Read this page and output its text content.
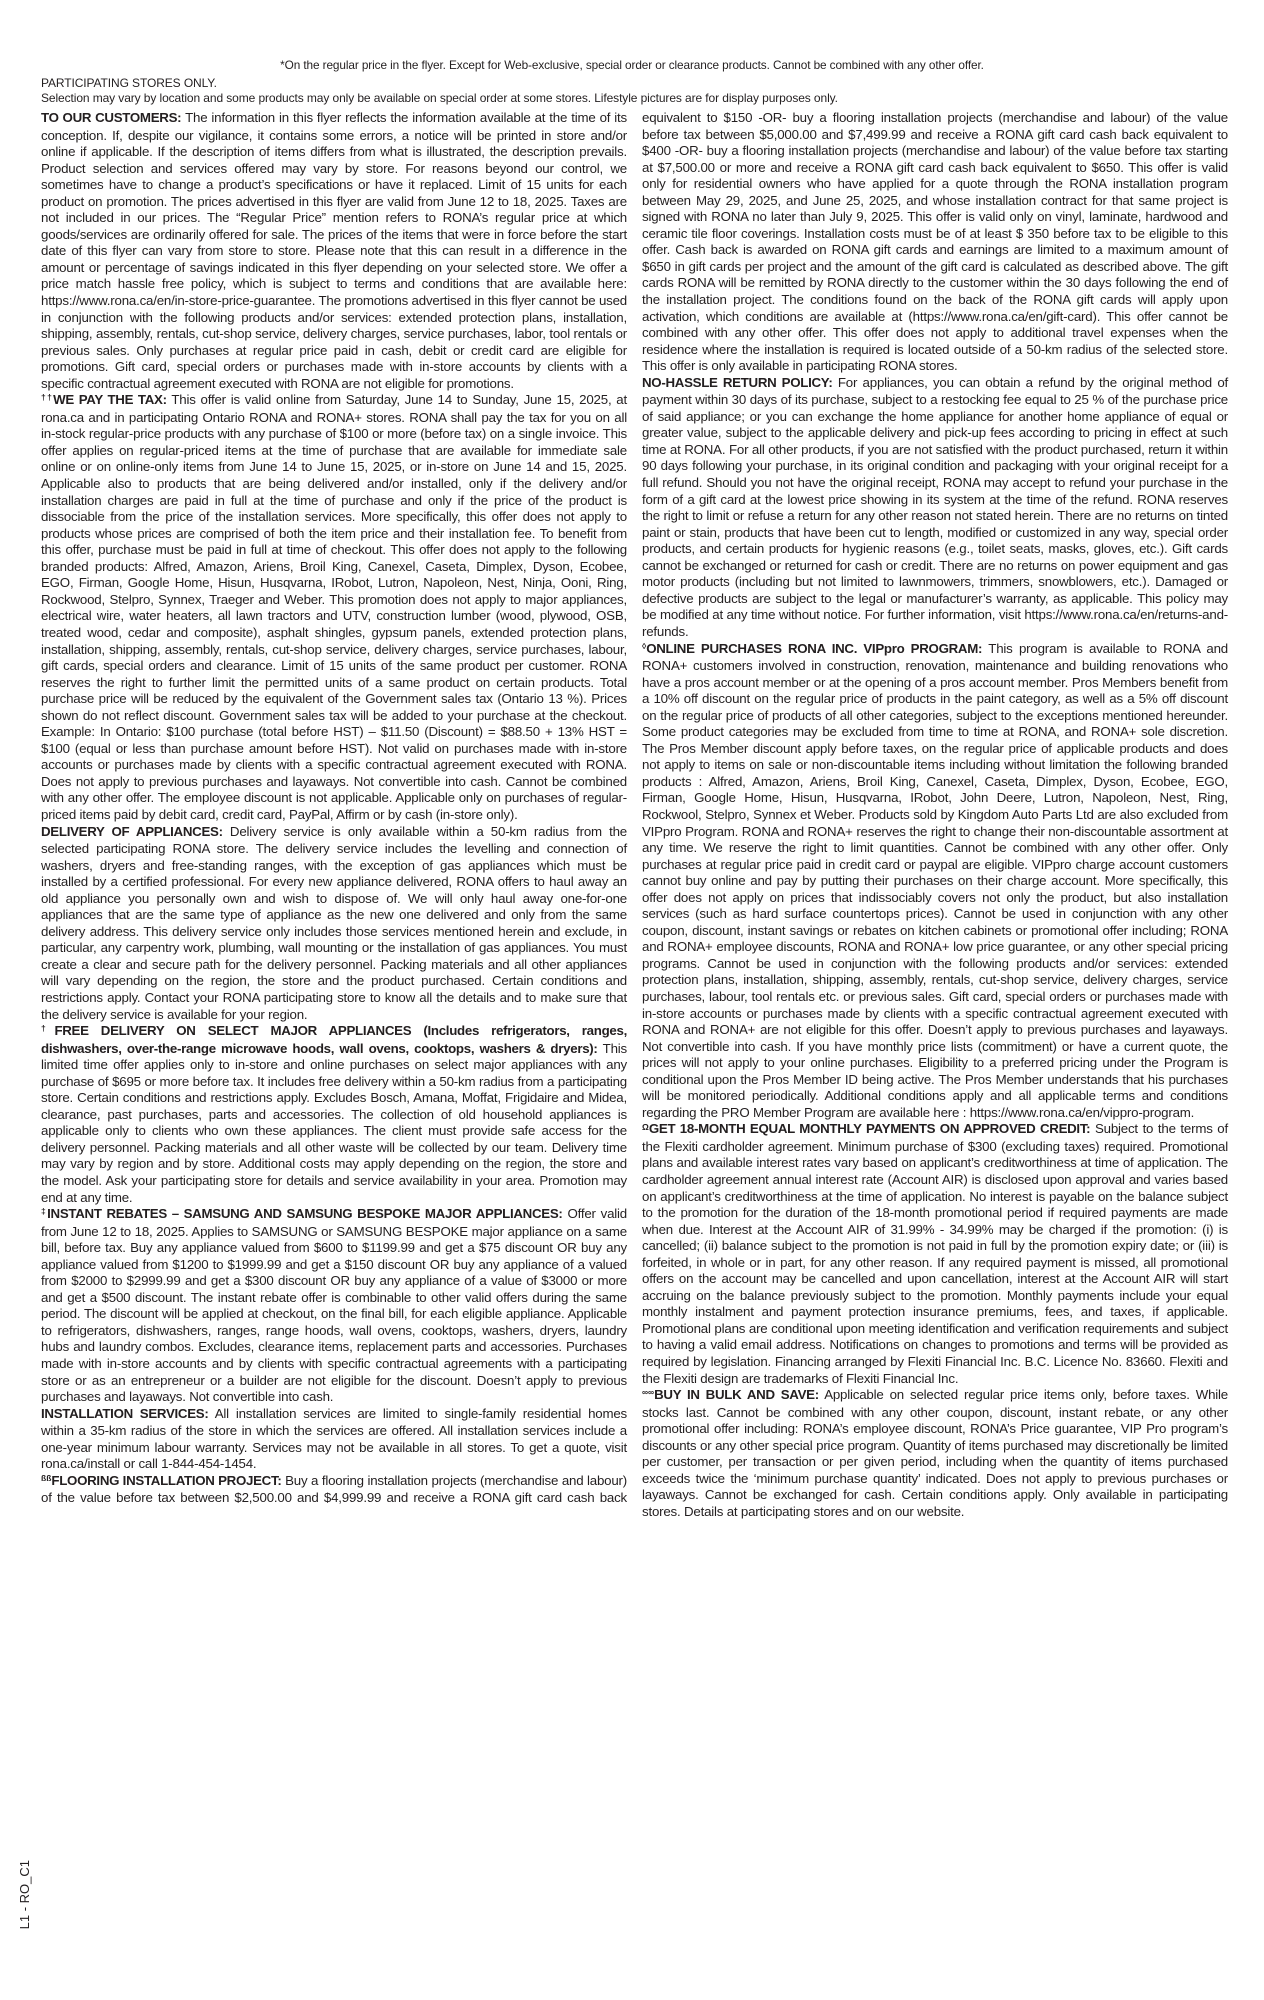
*On the regular price in the flyer. Except for Web-exclusive, special order or clearance products. Cannot be combined with any other offer.
PARTICIPATING STORES ONLY.
Selection may vary by location and some products may only be available on special order at some stores. Lifestyle pictures are for display purposes only.

TO OUR CUSTOMERS: The information in this flyer reflects the information available at the time of its conception. If, despite our vigilance, it contains some errors, a notice will be printed in store and/or online if applicable. If the description of items differs from what is illustrated, the description prevails. Product selection and services offered may vary by store. For reasons beyond our control, we sometimes have to change a product’s specifications or have it replaced. Limit of 15 units for each product on promotion. The prices advertised in this flyer are valid from June 12 to 18, 2025. Taxes are not included in our prices. The “Regular Price” mention refers to RONA’s regular price at which goods/services are ordinarily offered for sale. The prices of the items that were in force before the start date of this flyer can vary from store to store. Please note that this can result in a difference in the amount or percentage of savings indicated in this flyer depending on your selected store. We offer a price match hassle free policy, which is subject to terms and conditions that are available here: https://www.rona.ca/en/in-store-price-guarantee. The promotions advertised in this flyer cannot be used in conjunction with the following products and/or services: extended protection plans, installation, shipping, assembly, rentals, cut-shop service, delivery charges, service purchases, labor, tool rentals or previous sales. Only purchases at regular price paid in cash, debit or credit card are eligible for promotions. Gift card, special orders or purchases made with in-store accounts by clients with a specific contractual agreement executed with RONA are not eligible for promotions.

††WE PAY THE TAX: This offer is valid online from Saturday, June 14 to Sunday, June 15, 2025, at rona.ca and in participating Ontario RONA and RONA+ stores. RONA shall pay the tax for you on all in-stock regular-price products with any purchase of $100 or more (before tax) on a single invoice. This offer applies on regular-priced items at the time of purchase that are available for immediate sale online or on online-only items from June 14 to June 15, 2025, or in-store on June 14 and 15, 2025. Applicable also to products that are being delivered and/or installed, only if the delivery and/or installation charges are paid in full at the time of purchase and only if the price of the product is dissociable from the price of the installation services. More specifically, this offer does not apply to products whose prices are comprised of both the item price and their installation fee. To benefit from this offer, purchase must be paid in full at time of checkout. This offer does not apply to the following branded products: Alfred, Amazon, Ariens, Broil King, Canexel, Caseta, Dimplex, Dyson, Ecobee, EGO, Firman, Google Home, Hisun, Husqvarna, IRobot, Lutron, Napoleon, Nest, Ninja, Ooni, Ring, Rockwood, Stelpro, Synnex, Traeger and Weber. This promotion does not apply to major appliances, electrical wire, water heaters, all lawn tractors and UTV, construction lumber (wood, plywood, OSB, treated wood, cedar and composite), asphalt shingles, gypsum panels, extended protection plans, installation, shipping, assembly, rentals, cut-shop service, delivery charges, service purchases, labour, gift cards, special orders and clearance. Limit of 15 units of the same product per customer. RONA reserves the right to further limit the permitted units of a same product on certain products. Total purchase price will be reduced by the equivalent of the Government sales tax (Ontario 13 %). Prices shown do not reflect discount. Government sales tax will be added to your purchase at the checkout. Example: In Ontario: $100 purchase (total before HST) – $11.50 (Discount) = $88.50 + 13% HST = $100 (equal or less than purchase amount before HST). Not valid on purchases made with in-store accounts or purchases made by clients with a specific contractual agreement executed with RONA. Does not apply to previous purchases and layaways. Not convertible into cash. Cannot be combined with any other offer. The employee discount is not applicable. Applicable only on purchases of regular-priced items paid by debit card, credit card, PayPal, Affirm or by cash (in-store only).

DELIVERY OF APPLIANCES: Delivery service is only available within a 50-km radius from the selected participating RONA store. The delivery service includes the levelling and connection of washers, dryers and free-standing ranges, with the exception of gas appliances which must be installed by a certified professional. For every new appliance delivered, RONA offers to haul away an old appliance you personally own and wish to dispose of. We will only haul away one-for-one appliances that are the same type of appliance as the new one delivered and only from the same delivery address. This delivery service only includes those services mentioned herein and exclude, in particular, any carpentry work, plumbing, wall mounting or the installation of gas appliances. You must create a clear and secure path for the delivery personnel. Packing materials and all other appliances will vary depending on the region, the store and the product purchased. Certain conditions and restrictions apply. Contact your RONA participating store to know all the details and to make sure that the delivery service is available for your region.

†FREE DELIVERY ON SELECT MAJOR APPLIANCES (Includes refrigerators, ranges, dishwashers, over-the-range microwave hoods, wall ovens, cooktops, washers & dryers): This limited time offer applies only to in-store and online purchases on select major appliances with any purchase of $695 or more before tax. It includes free delivery within a 50-km radius from a participating store. Certain conditions and restrictions apply. Excludes Bosch, Amana, Moffat, Frigidaire and Midea, clearance, past purchases, parts and accessories. The collection of old household appliances is applicable only to clients who own these appliances. The client must provide safe access for the delivery personnel. Packing materials and all other waste will be collected by our team. Delivery time may vary by region and by store. Additional costs may apply depending on the region, the store and the model. Ask your participating store for details and service availability in your area. Promotion may end at any time.

‡INSTANT REBATES – SAMSUNG AND SAMSUNG BESPOKE MAJOR APPLIANCES: Offer valid from June 12 to 18, 2025. Applies to SAMSUNG or SAMSUNG BESPOKE major appliance on a same bill, before tax. Buy any appliance valued from $600 to $1199.99 and get a $75 discount OR buy any appliance valued from $1200 to $1999.99 and get a $150 discount OR buy any appliance of a valued from $2000 to $2999.99 and get a $300 discount OR buy any appliance of a value of $3000 or more and get a $500 discount. The instant rebate offer is combinable to other valid offers during the same period. The discount will be applied at checkout, on the final bill, for each eligible appliance. Applicable to refrigerators, dishwashers, ranges, range hoods, wall ovens, cooktops, washers, dryers, laundry hubs and laundry combos. Excludes, clearance items, replacement parts and accessories. Purchases made with in-store accounts and by clients with specific contractual agreements with a participating store or as an entrepreneur or a builder are not eligible for the discount. Doesn’t apply to previous purchases and layaways. Not convertible into cash.

INSTALLATION SERVICES: All installation services are limited to single-family residential homes within a 35-km radius of the store in which the services are offered. All installation services include a one-year minimum labour warranty. Services may not be available in all stores. To get a quote, visit rona.ca/install or call 1-844-454-1454.

$^{ßß}$FLOORING INSTALLATION PROJECT: Buy a flooring installation projects (merchandise and labour) of the value before tax between $2,500.00 and $4,999.99 and receive a RONA gift card cash back equivalent to $150 -OR- buy a flooring installation projects (merchandise and labour) of the value before tax between $5,000.00 and $7,499.99 and receive a RONA gift card cash back equivalent to $400 -OR- buy a flooring installation projects (merchandise and labour) of the value before tax starting at $7,500.00 or more and receive a RONA gift card cash back equivalent to $650. This offer is valid only for residential owners who have applied for a quote through the RONA installation program between May 29, 2025, and June 25, 2025, and whose installation contract for that same project is signed with RONA no later than July 9, 2025. This offer is valid only on vinyl, laminate, hardwood and ceramic tile floor coverings. Installation costs must be of at least $ 350 before tax to be eligible to this offer. Cash back is awarded on RONA gift cards and earnings are limited to a maximum amount of $650 in gift cards per project and the amount of the gift card is calculated as described above. The gift cards RONA will be remitted by RONA directly to the customer within the 30 days following the end of the installation project. The conditions found on the back of the RONA gift cards will apply upon activation, which conditions are available at (https://www.rona.ca/en/gift-card). This offer cannot be combined with any other offer. This offer does not apply to additional travel expenses when the residence where the installation is required is located outside of a 50-km radius of the selected store. This offer is only available in participating RONA stores.

NO-HASSLE RETURN POLICY: For appliances, you can obtain a refund by the original method of payment within 30 days of its purchase, subject to a restocking fee equal to 25 % of the purchase price of said appliance; or you can exchange the home appliance for another home appliance of equal or greater value, subject to the applicable delivery and pick-up fees according to pricing in effect at such time at RONA. For all other products, if you are not satisfied with the product purchased, return it within 90 days following your purchase, in its original condition and packaging with your original receipt for a full refund. Should you not have the original receipt, RONA may accept to refund your purchase in the form of a gift card at the lowest price showing in its system at the time of the refund. RONA reserves the right to limit or refuse a return for any other reason not stated herein. There are no returns on tinted paint or stain, products that have been cut to length, modified or customized in any way, special order products, and certain products for hygienic reasons (e.g., toilet seats, masks, gloves, etc.). Gift cards cannot be exchanged or returned for cash or credit. There are no returns on power equipment and gas motor products (including but not limited to lawnmowers, trimmers, snowblowers, etc.). Damaged or defective products are subject to the legal or manufacturer’s warranty, as applicable. This policy may be modified at any time without notice. For further information, visit https://www.rona.ca/en/returns-and-refunds.

◊ONLINE PURCHASES RONA INC. VIPpro PROGRAM: This program is available to RONA and RONA+ customers involved in construction, renovation, maintenance and building renovations who have a pros account member or at the opening of a pros account member. Pros Members benefit from a 10% off discount on the regular price of products in the paint category, as well as a 5% off discount on the regular price of products of all other categories, subject to the exceptions mentioned hereunder. Some product categories may be excluded from time to time at RONA, and RONA+ sole discretion. The Pros Member discount apply before taxes, on the regular price of applicable products and does not apply to items on sale or non-discountable items including without limitation the following branded products : Alfred, Amazon, Ariens, Broil King, Canexel, Caseta, Dimplex, Dyson, Ecobee, EGO, Firman, Google Home, Hisun, Husqvarna, IRobot, John Deere, Lutron, Napoleon, Nest, Ring, Rockwool, Stelpro, Synnex et Weber. Products sold by Kingdom Auto Parts Ltd are also excluded from VIPpro Program. RONA and RONA+ reserves the right to change their non-discountable assortment at any time. We reserve the right to limit quantities. Cannot be combined with any other offer. Only purchases at regular price paid in credit card or paypal are eligible. VIPpro charge account customers cannot buy online and pay by putting their purchases on their charge account. More specifically, this offer does not apply on prices that indissociably covers not only the product, but also installation services (such as hard surface countertops prices). Cannot be used in conjunction with any other coupon, discount, instant savings or rebates on kitchen cabinets or promotional offer including; RONA and RONA+ employee discounts, RONA and RONA+ low price guarantee, or any other special pricing programs. Cannot be used in conjunction with the following products and/or services: extended protection plans, installation, shipping, assembly, rentals, cut-shop service, delivery charges, service purchases, labour, tool rentals etc. or previous sales. Gift card, special orders or purchases made with in-store accounts or purchases made by clients with a specific contractual agreement executed with RONA and RONA+ are not eligible for this offer. Doesn’t apply to previous purchases and layaways. Not convertible into cash. If you have monthly price lists (commitment) or have a current quote, the prices will not apply to your online purchases. Eligibility to a preferred pricing under the Program is conditional upon the Pros Member ID being active. The Pros Member understands that his purchases will be monitored periodically. Additional conditions apply and all applicable terms and conditions regarding the PRO Member Program are available here : https://www.rona.ca/en/vippro-program.

$^\Omega$GET 18-MONTH EQUAL MONTHLY PAYMENTS ON APPROVED CREDIT: Subject to the terms of the Flexiti cardholder agreement. Minimum purchase of $300 (excluding taxes) required. Promotional plans and available interest rates vary based on applicant’s creditworthiness at time of application. The cardholder agreement annual interest rate (Account AIR) is disclosed upon approval and varies based on applicant’s creditworthiness at the time of application. No interest is payable on the balance subject to the promotion for the duration of the 18-month promotional period if required payments are made when due. Interest at the Account AIR of 31.99% - 34.99% may be charged if the promotion: (i) is cancelled; (ii) balance subject to the promotion is not paid in full by the promotion expiry date; or (iii) is forfeited, in whole or in part, for any other reason. If any required payment is missed, all promotional offers on the account may be cancelled and upon cancellation, interest at the Account AIR will start accruing on the balance previously subject to the promotion. Monthly payments include your equal monthly instalment and payment protection insurance premiums, fees, and taxes, if applicable. Promotional plans are conditional upon meeting identification and verification requirements and subject to having a valid email address. Notifications on changes to promotions and terms will be provided as required by legislation. Financing arranged by Flexiti Financial Inc. B.C. Licence No. 83660. Flexiti and the Flexiti design are trademarks of Flexiti Financial Inc.

∞∞BUY IN BULK AND SAVE: Applicable on selected regular price items only, before taxes. While stocks last. Cannot be combined with any other coupon, discount, instant rebate, or any other promotional offer including: RONA’s employee discount, RONA’s Price guarantee, VIP Pro program’s discounts or any other special price program. Quantity of items purchased may discretionally be limited per customer, per transaction or per given period, including when the quantity of items purchased exceeds twice the ‘minimum purchase quantity’ indicated. Does not apply to previous purchases or layaways. Cannot be exchanged for cash. Certain conditions apply. Only available in participating stores. Details at participating stores and on our website.

L1 - RO_C1
